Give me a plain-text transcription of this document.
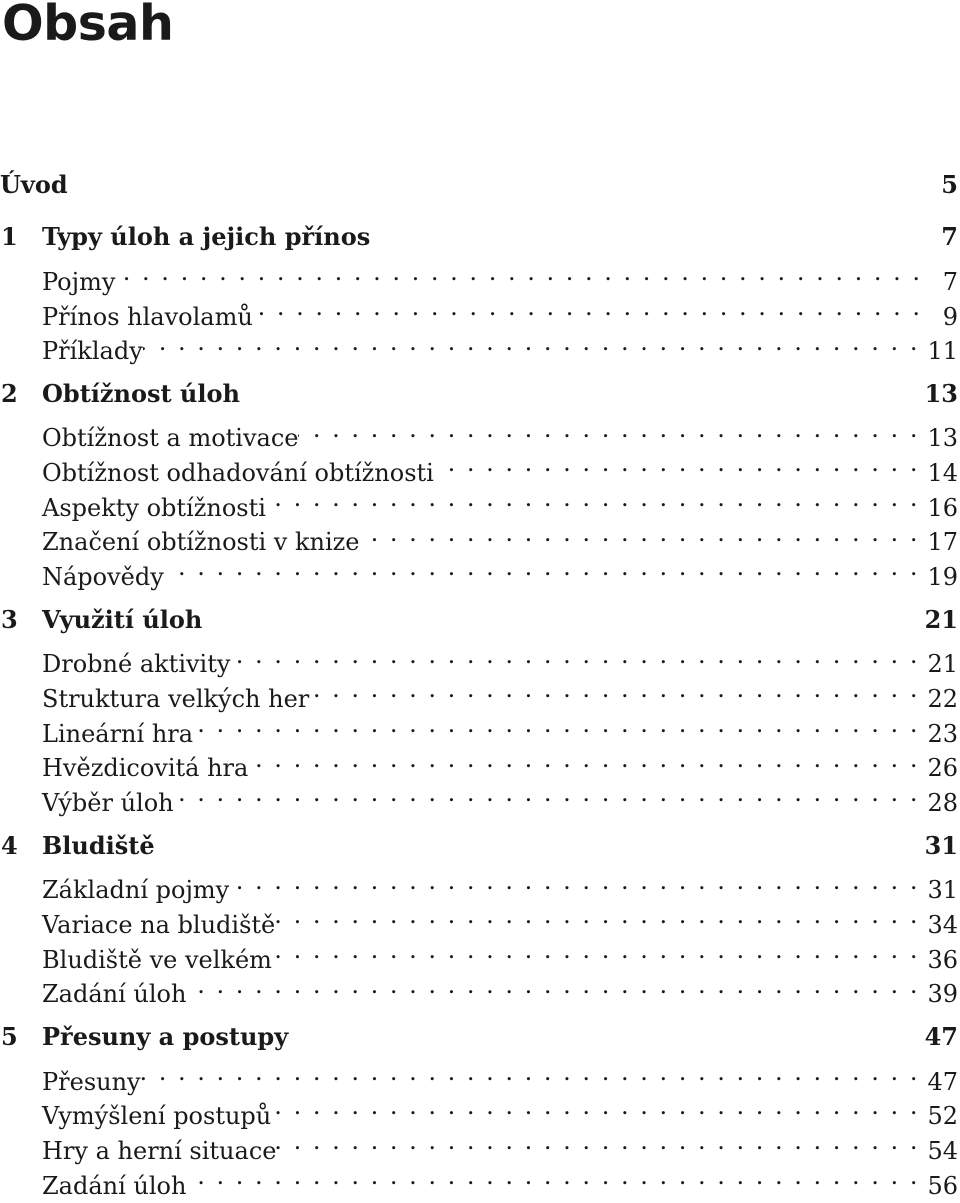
Obsah
Úvod	5
1	Typy úloh a jejich přínos	7
Pojmy . . .	7
Přínos hlavolamů . . .	9
Příklady . . .	11
2	Obtížnost úloh	13
Obtížnost a motivace . . .	13
Obtížnost odhadování obtížnosti . . .	14
Aspekty obtížnosti . . .	16
Značení obtížnosti v knize . . .	17
Nápovědy . . .	19
3	Využití úloh	21
Drobné aktivity . . .	21
Struktura velkých her . . .	22
Lineární hra . . .	23
Hvězdicovitá hra . . .	26
Výběr úloh . . .	28
4	Bludiště	31
Základní pojmy . . .	31
Variace na bludiště . . .	34
Bludiště ve velkém . . .	36
Zadání úloh . . .	39
5	Přesuny a postupy	47
Přesuny . . .	47
Vymýšlení postupů . . .	52
Hry a herní situace . . .	54
Zadání úloh . . .	56
